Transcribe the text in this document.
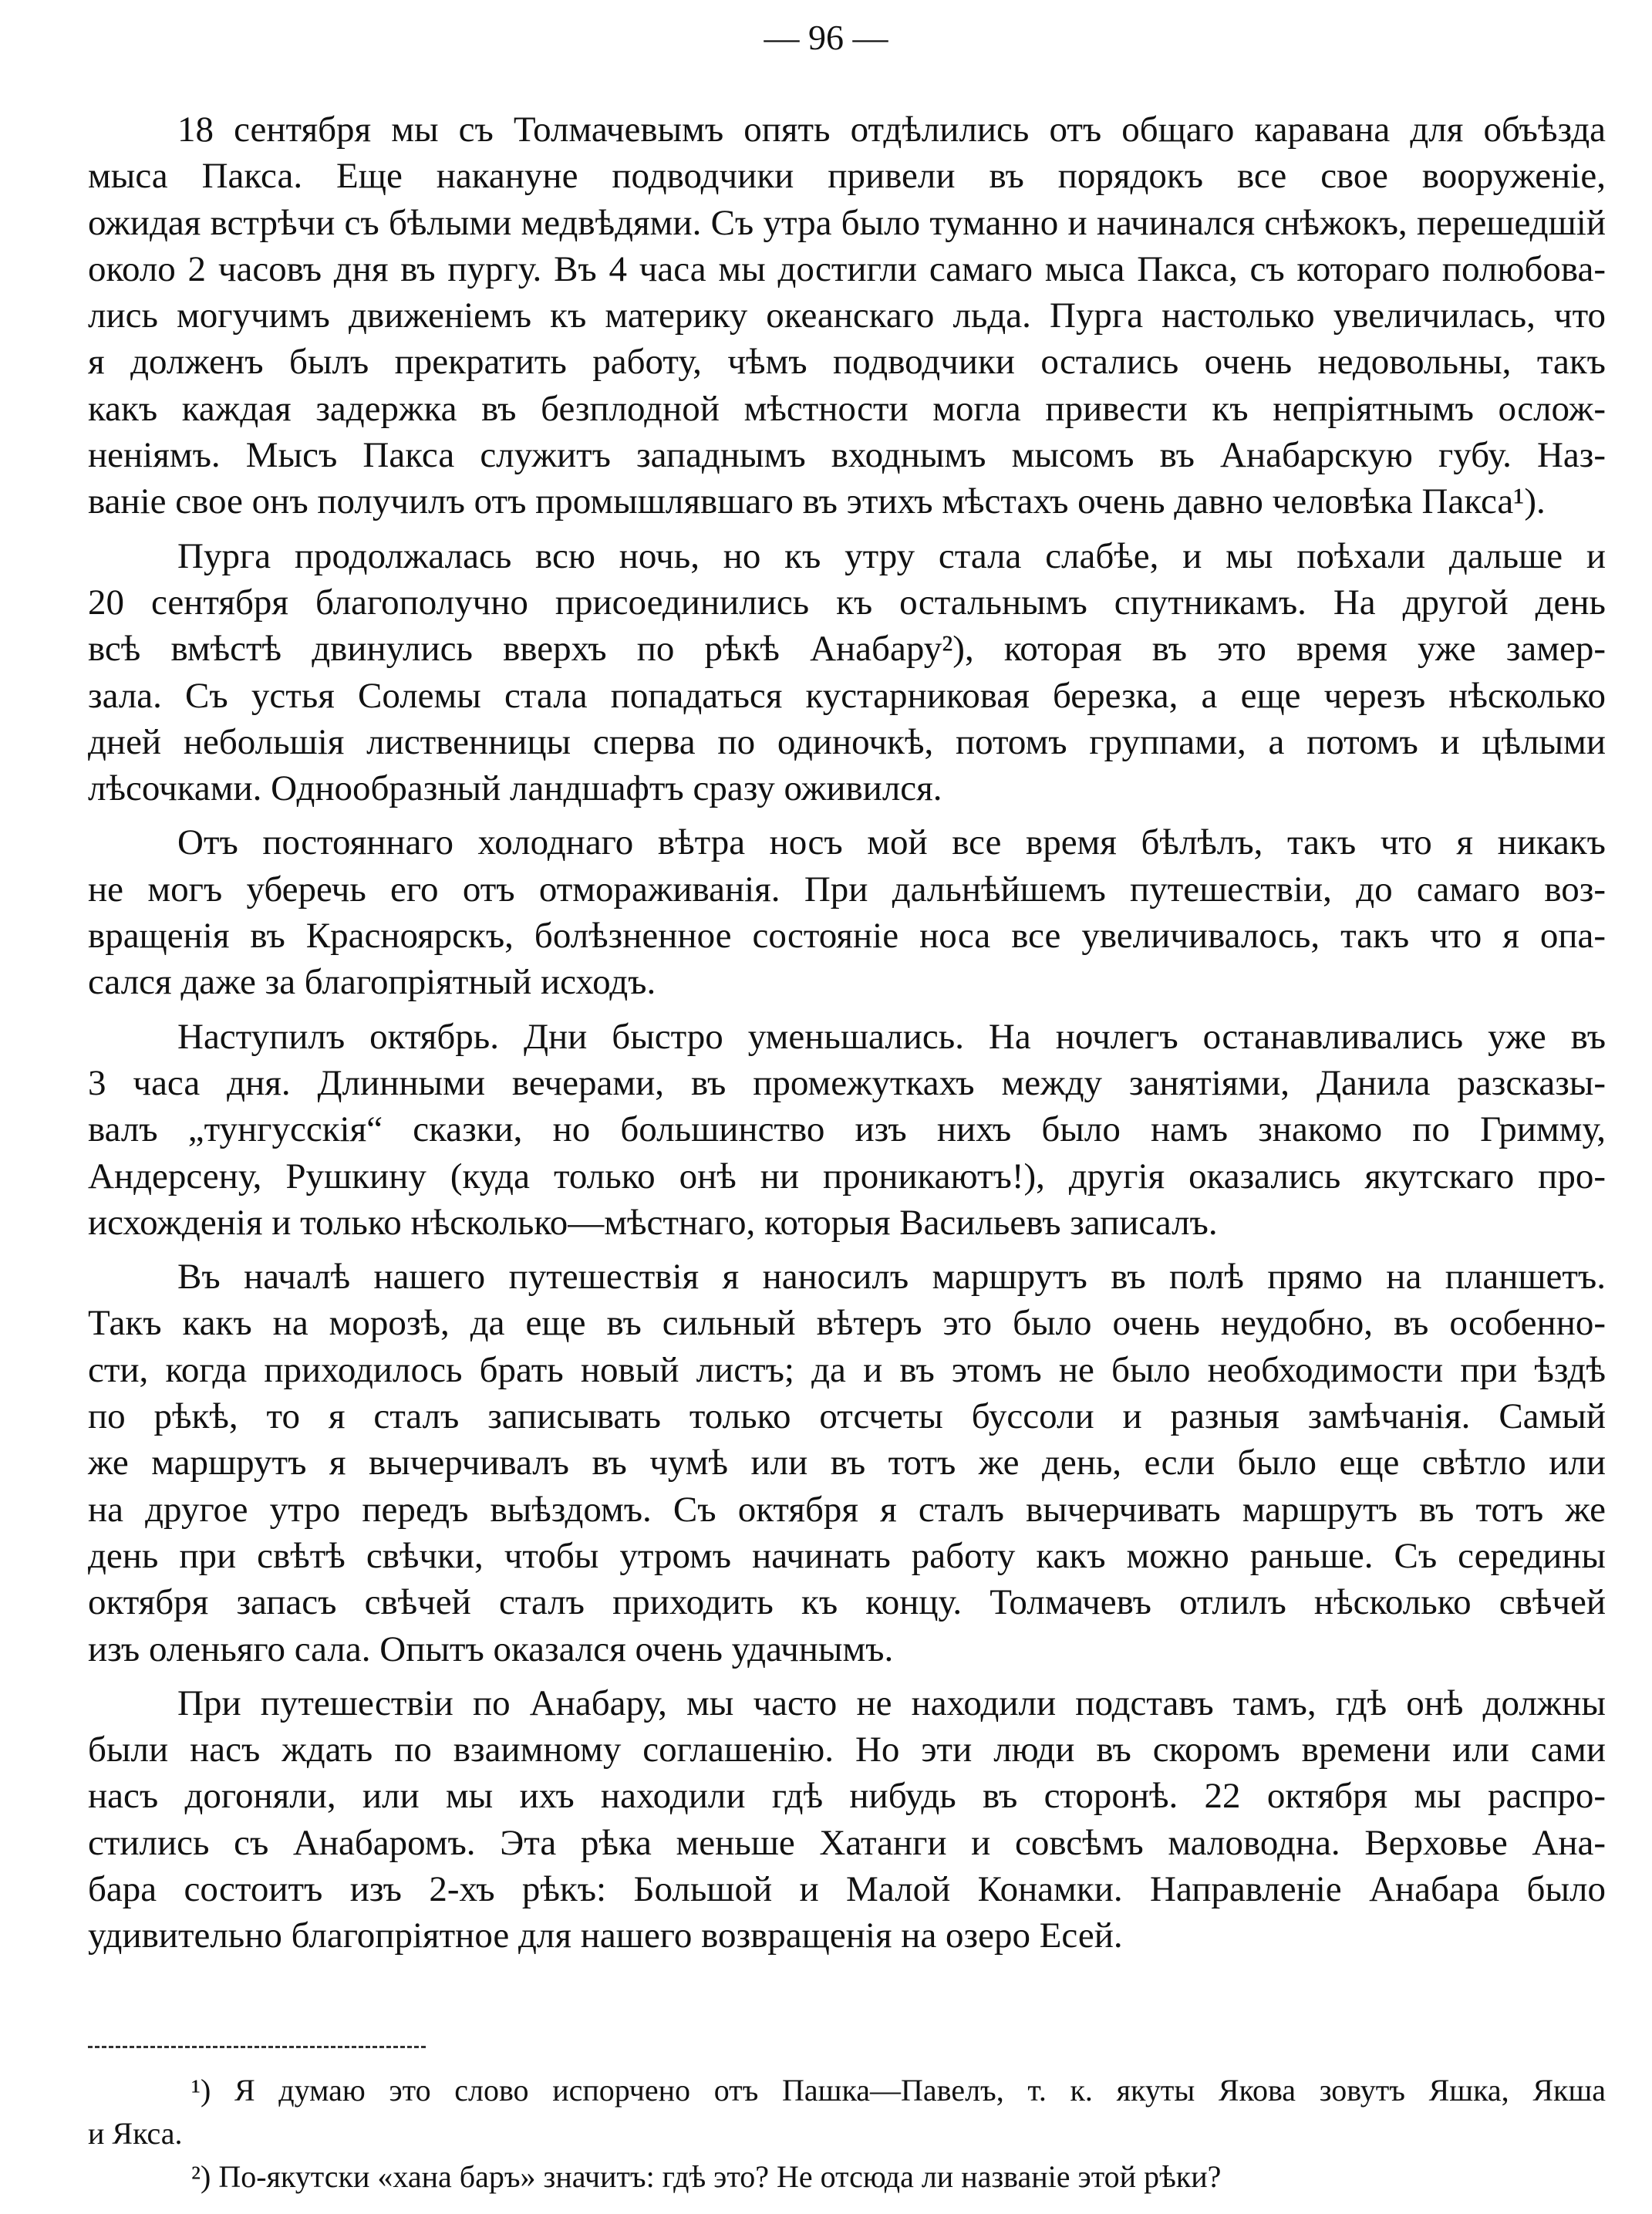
— 96 —
18 сентября мы съ Толмачевымъ опять отдѣлились отъ общаго каравана для объѣзда
мыса Пакса. Еще накануне подводчики привели въ порядокъ все свое вооруженіе,
ожидая встрѣчи съ бѣлыми медвѣдями. Съ утра было туманно и начинался снѣжокъ, перешедшій
около 2 часовъ дня въ пургу. Въ 4 часа мы достигли самаго мыса Пакса, съ котораго полюбова-
лись могучимъ движеніемъ къ материку океанскаго льда. Пурга настолько увеличилась, что
я долженъ былъ прекратить работу, чѣмъ подводчики остались очень недовольны, такъ
какъ каждая задержка въ безплодной мѣстности могла привести къ непріятнымъ ослож-
неніямъ. Мысъ Пакса служитъ западнымъ входнымъ мысомъ въ Анабарскую губу. Наз-
ваніе свое онъ получилъ отъ промышлявшаго въ этихъ мѣстахъ очень давно человѣка Пакса¹).
Пурга продолжалась всю ночь, но къ утру стала слабѣе, и мы поѣхали дальше и
20 сентября благополучно присоединились къ остальнымъ спутникамъ. На другой день
всѣ вмѣстѣ двинулись вверхъ по рѣкѣ Анабару²), которая въ это время уже замер-
зала. Съ устья Солемы стала попадаться кустарниковая березка, а еще черезъ нѣсколько
дней небольшія лиственницы сперва по одиночкѣ, потомъ группами, а потомъ и цѣлыми
лѣсочками. Однообразный ландшафтъ сразу оживился.
Отъ постояннаго холоднаго вѣтра носъ мой все время бѣлѣлъ, такъ что я никакъ
не могъ уберечь его отъ отмораживанія. При дальнѣйшемъ путешествіи, до самаго воз-
вращенія въ Красноярскъ, болѣзненное состояніе носа все увеличивалось, такъ что я опа-
сался даже за благопріятный исходъ.
Наступилъ октябрь. Дни быстро уменьшались. На ночлегъ останавливались уже въ
3 часа дня. Длинными вечерами, въ промежуткахъ между занятіями, Данила разсказы-
валъ „тунгусскія“ сказки, но большинство изъ нихъ было намъ знакомо по Гримму,
Андерсену, Рушкину (куда только онѣ ни проникаютъ!), другія оказались якутскаго про-
исхожденія и только нѣсколько—мѣстнаго, которыя Васильевъ записалъ.
Въ началѣ нашего путешествія я наносилъ маршрутъ въ полѣ прямо на планшетъ.
Такъ какъ на морозѣ, да еще въ сильный вѣтеръ это было очень неудобно, въ особенно-
сти, когда приходилось брать новый листъ; да и въ этомъ не было необходимости при ѣздѣ
по рѣкѣ, то я сталъ записывать только отсчеты буссоли и разныя замѣчанія. Самый
же маршрутъ я вычерчивалъ въ чумѣ или въ тотъ же день, если было еще свѣтло или
на другое утро передъ выѣздомъ. Съ октября я сталъ вычерчивать маршрутъ въ тотъ же
день при свѣтѣ свѣчки, чтобы утромъ начинать работу какъ можно раньше. Съ середины
октября запасъ свѣчей сталъ приходить къ концу. Толмачевъ отлилъ нѣсколько свѣчей
изъ оленьяго сала. Опытъ оказался очень удачнымъ.
При путешествіи по Анабару, мы часто не находили подставъ тамъ, гдѣ онѣ должны
были насъ ждать по взаимному соглашенію. Но эти люди въ скоромъ времени или сами
насъ догоняли, или мы ихъ находили гдѣ нибудь въ сторонѣ. 22 октября мы распро-
стились съ Анабаромъ. Эта рѣка меньше Хатанги и совсѣмъ маловодна. Верховье Ана-
бара состоитъ изъ 2-хъ рѣкъ: Большой и Малой Конамки. Направленіе Анабара было
удивительно благопріятное для нашего возвращенія на озеро Есей.
¹) Я думаю это слово испорчено отъ Пашка—Павелъ, т. к. якуты Якова зовутъ Яшка, Якша
и Якса.
²) По-якутски «хана баръ» значитъ: гдѣ это? Не отсюда ли названіе этой рѣки?
